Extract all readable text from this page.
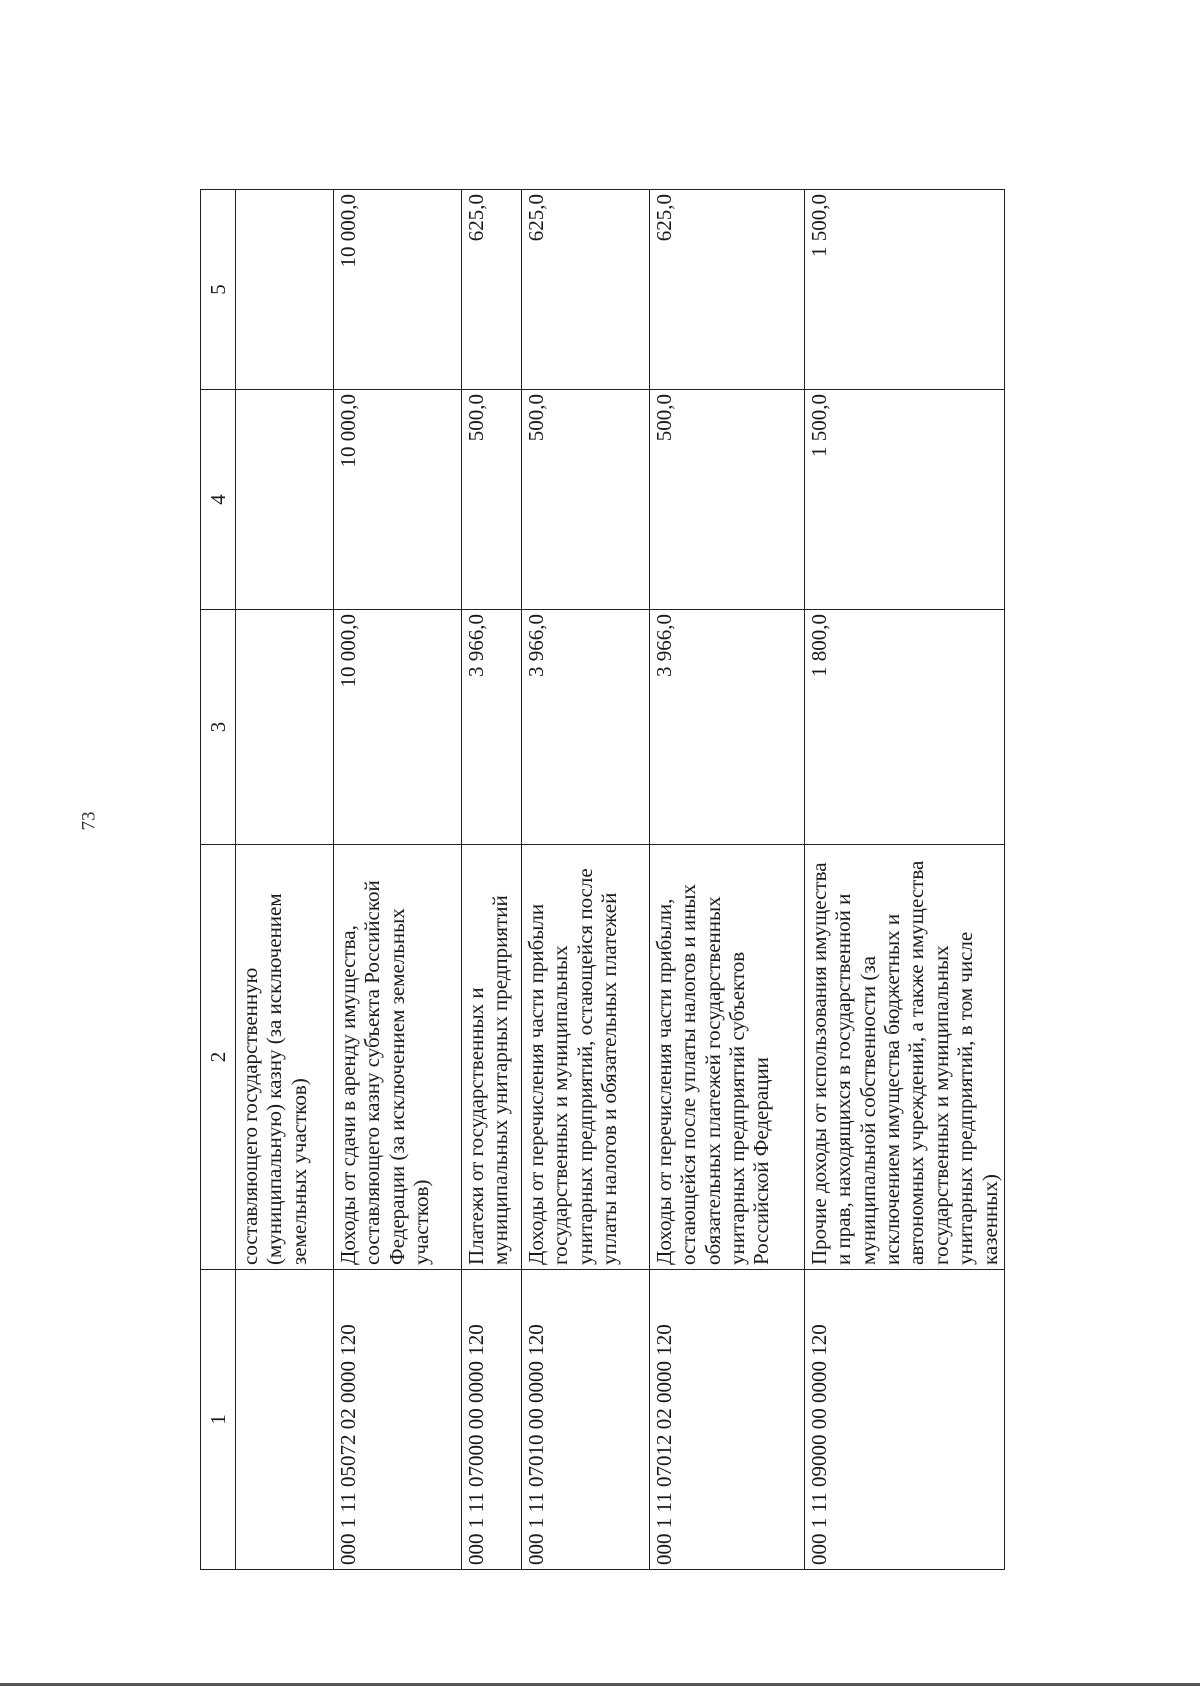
73
1	2	3	4	5
	составляющего государственную (муниципальную) казну (за исключением земельных участков)			
000 1 11 05072 02 0000 120	Доходы от сдачи в аренду имущества, составляющего казну субъекта Российской Федерации (за исключением земельных участков)	10 000,0	10 000,0	10 000,0
000 1 11 07000 00 0000 120	Платежи от государственных и муниципальных унитарных предприятий	3 966,0	500,0	625,0
000 1 11 07010 00 0000 120	Доходы от перечисления части прибыли государственных и муниципальных унитарных предприятий, остающейся после уплаты налогов и обязательных платежей	3 966,0	500,0	625,0
000 1 11 07012 02 0000 120	Доходы от перечисления части прибыли, остающейся после уплаты налогов и иных обязательных платежей государственных унитарных предприятий субъектов Российской Федерации	3 966,0	500,0	625,0
000 1 11 09000 00 0000 120	Прочие доходы от использования имущества и прав, находящихся в государственной и муниципальной собственности (за исключением имущества бюджетных и автономных учреждений, а также имущества государственных и муниципальных унитарных предприятий, в том числе казенных)	1 800,0	1 500,0	1 500,0
